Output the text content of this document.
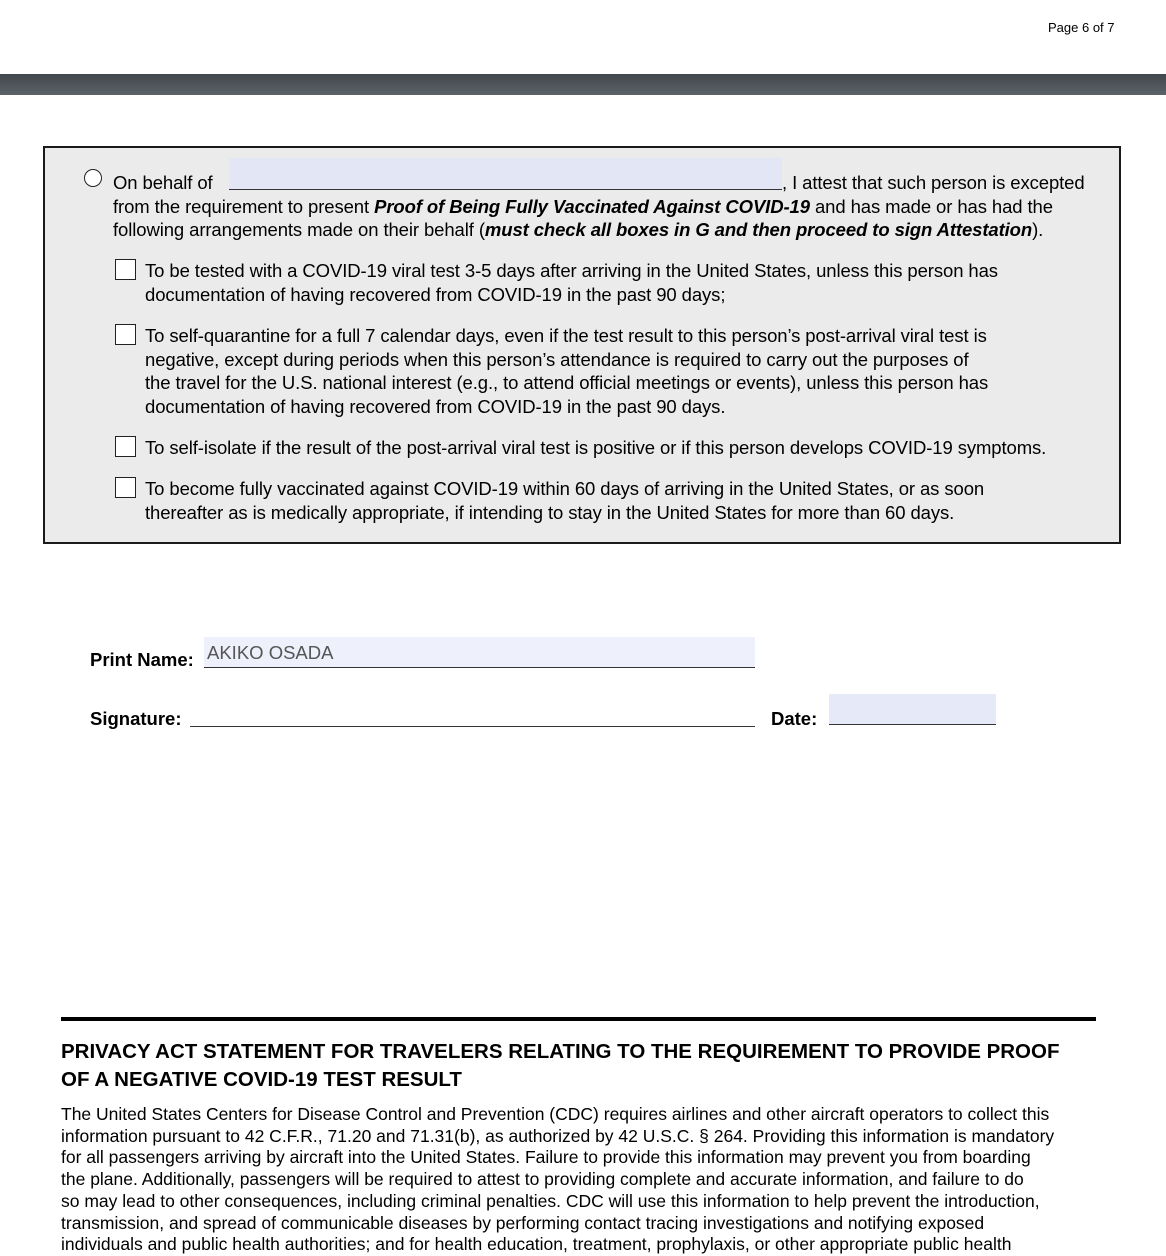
Page 6 of 7
On behalf of	, I attest that such person is excepted
from the requirement to present Proof of Being Fully Vaccinated Against COVID-19 and has made or has had the
following arrangements made on their behalf (must check all boxes in G and then proceed to sign Attestation).
To be tested with a COVID-19 viral test 3-5 days after arriving in the United States, unless this person has
documentation of having recovered from COVID-19 in the past 90 days;
To self-quarantine for a full 7 calendar days, even if the test result to this person’s post-arrival viral test is
negative, except during periods when this person’s attendance is required to carry out the purposes of
the travel for the U.S. national interest (e.g., to attend official meetings or events), unless this person has
documentation of having recovered from COVID-19 in the past 90 days.
To self-isolate if the result of the post-arrival viral test is positive or if this person develops COVID-19 symptoms.
To become fully vaccinated against COVID-19 within 60 days of arriving in the United States, or as soon
thereafter as is medically appropriate, if intending to stay in the United States for more than 60 days.
Print Name: AKIKO OSADA
Signature:	Date:
PRIVACY ACT STATEMENT FOR TRAVELERS RELATING TO THE REQUIREMENT TO PROVIDE PROOF
OF A NEGATIVE COVID-19 TEST RESULT
The United States Centers for Disease Control and Prevention (CDC) requires airlines and other aircraft operators to collect this
information pursuant to 42 C.F.R., 71.20 and 71.31(b), as authorized by 42 U.S.C. § 264. Providing this information is mandatory
for all passengers arriving by aircraft into the United States. Failure to provide this information may prevent you from boarding
the plane. Additionally, passengers will be required to attest to providing complete and accurate information, and failure to do
so may lead to other consequences, including criminal penalties. CDC will use this information to help prevent the introduction,
transmission, and spread of communicable diseases by performing contact tracing investigations and notifying exposed
individuals and public health authorities; and for health education, treatment, prophylaxis, or other appropriate public health
